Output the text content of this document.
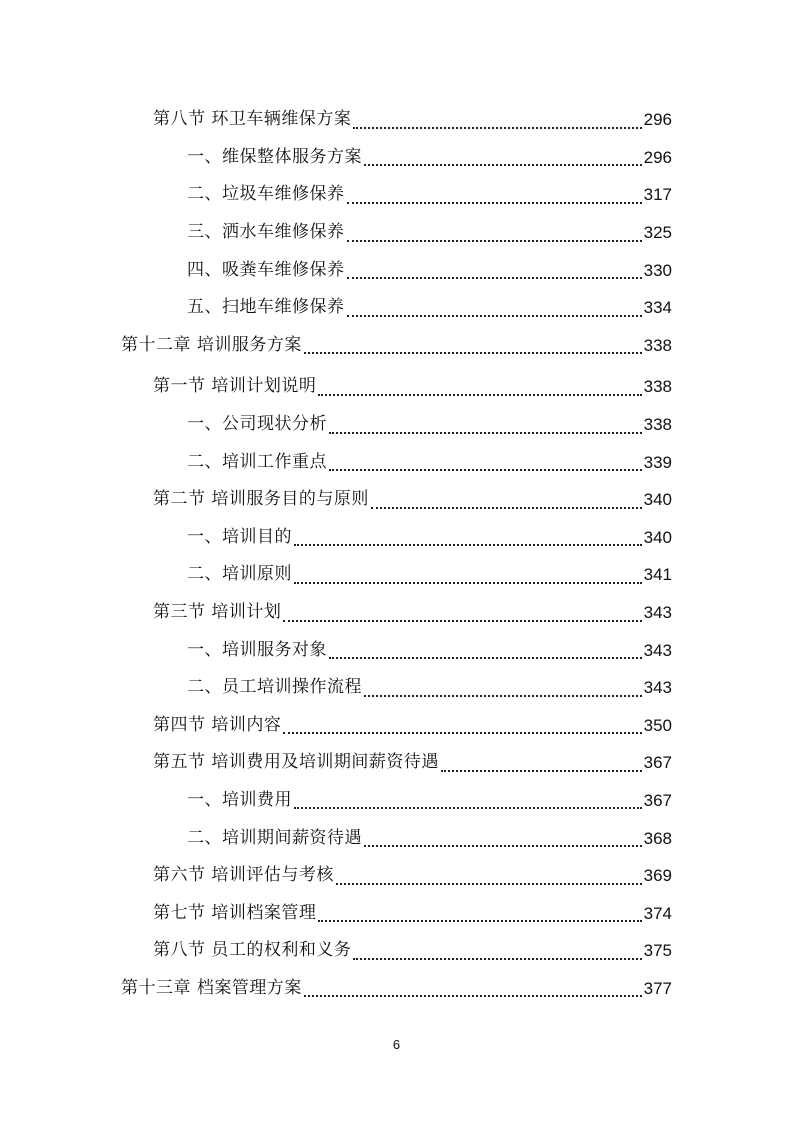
第八节 环卫车辆维保方案	296
一、维保整体服务方案	296
二、垃圾车维修保养	317
三、洒水车维修保养	325
四、吸粪车维修保养	330
五、扫地车维修保养	334
第十二章 培训服务方案	338
第一节 培训计划说明	338
一、公司现状分析	338
二、培训工作重点	339
第二节 培训服务目的与原则	340
一、培训目的	340
二、培训原则	341
第三节 培训计划	343
一、培训服务对象	343
二、员工培训操作流程	343
第四节 培训内容	350
第五节 培训费用及培训期间薪资待遇	367
一、培训费用	367
二、培训期间薪资待遇	368
第六节 培训评估与考核	369
第七节 培训档案管理	374
第八节 员工的权利和义务	375
第十三章 档案管理方案	377
6
